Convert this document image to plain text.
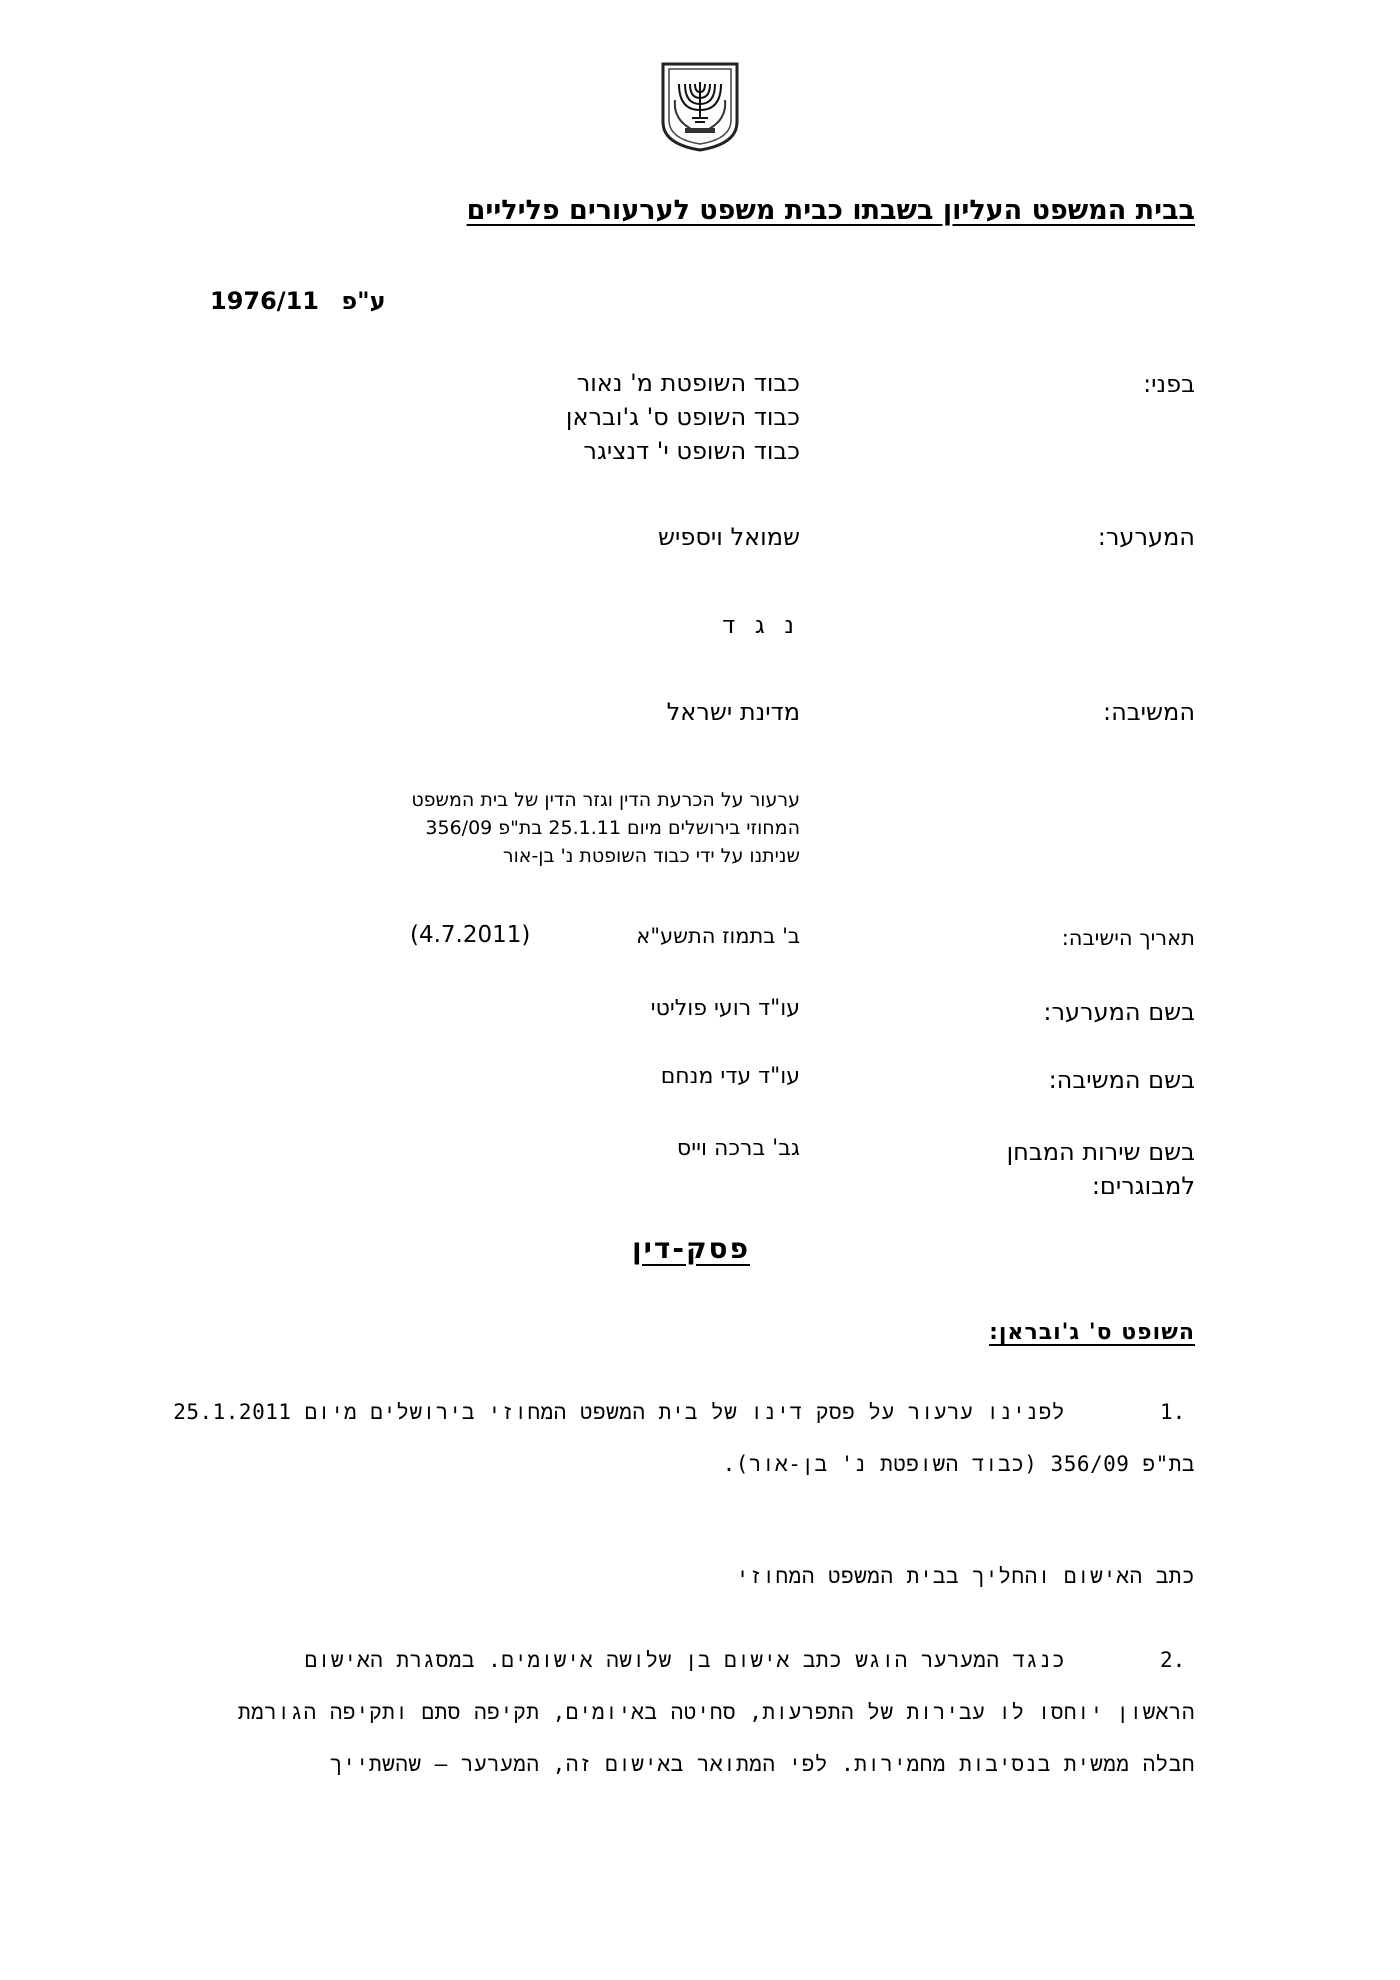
בבית המשפט העליון בשבתו כבית משפט לערעורים פליליים
1976/11 ע"פ
בפני:
כבוד השופטת מ' נאור
כבוד השופט ס' ג'ובראן
כבוד השופט י' דנציגר
המערער:
שמואל ויספיש
נ ג ד
המשיבה:
מדינת ישראל
ערעור על הכרעת הדין וגזר הדין של בית המשפט המחוזי בירושלים מיום 25.1.11 בת"פ 356/09 שניתנו על ידי כבוד השופטת נ' בן-אור
תאריך הישיבה:
ב' בתמוז התשע"א
(4.7.2011)
בשם המערער:
עו"ד רועי פוליטי
בשם המשיבה:
עו"ד עדי מנחם
בשם שירות המבחן
למבוגרים:
גב' ברכה וייס
פסק-דין
השופט ס' ג'ובראן:
1.
לפנינו ערעור על פסק דינו של בית המשפט המחוזי בירושלים מיום 25.1.2011
בת"פ 356/09 (כבוד השופטת נ' בן-אור).
כתב האישום והחליך בבית המשפט המחוזי
2.
כנגד המערער הוגש כתב אישום בן שלושה אישומים. במסגרת האישום
הראשון יוחסו לו עבירות של התפרעות, סחיטה באיומים, תקיפה סתם ותקיפה הגורמת
חבלה ממשית בנסיבות מחמירות. לפי המתואר באישום זה, המערער – שהשתייך
